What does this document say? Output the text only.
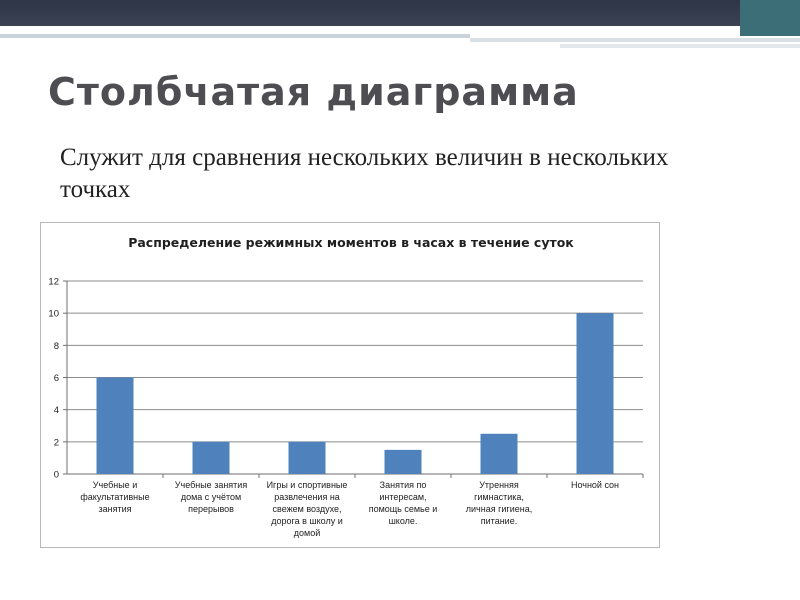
Столбчатая диаграмма

Служит для сравнения нескольких величин в нескольких точках

Распределение режимных моментов в часах в течение суток

0
2
4
6
8
10
12
Учебные и факультативные занятия
Учебные занятия дома с учётом перерывов
Игры и спортивные развлечения на свежем воздухе, дорога в школу и домой
Занятия по интересам, помощь семье и школе.
Утренняя гимнастика, личная гигиена, питание.
Ночной сон
